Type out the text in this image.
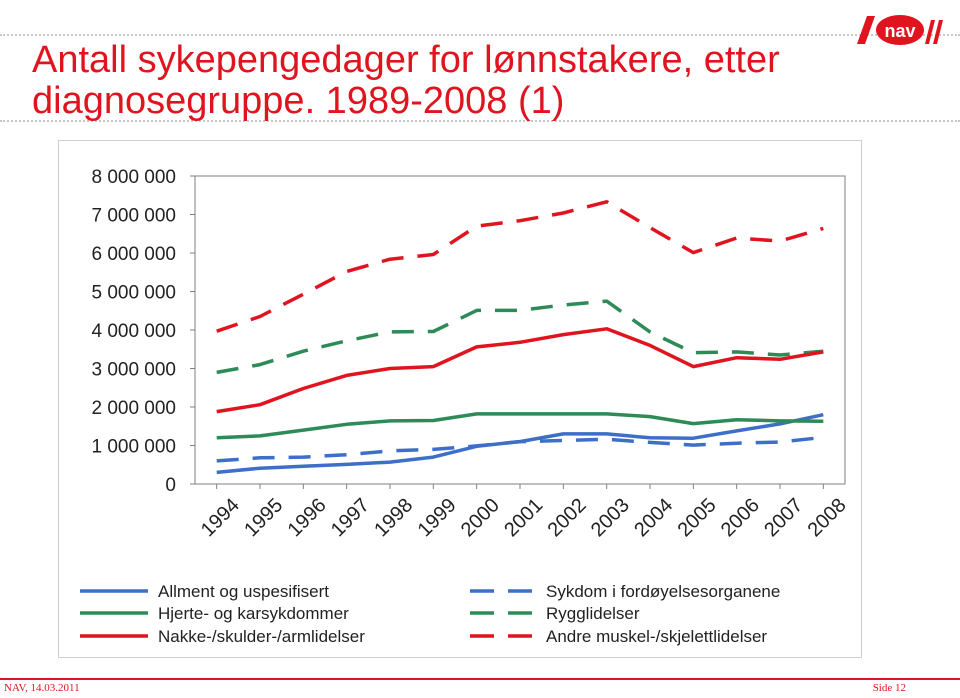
Antall sykepengedager for lønnstakere, etter diagnosegruppe. 1989-2008 (1)
nav
0
1 000 000
2 000 000
3 000 000
4 000 000
5 000 000
6 000 000
7 000 000
8 000 000
1994
1995
1996
1997
1998
1999
2000
2001
2002
2003
2004
2005
2006
2007
2008
Allment og uspesifisert	Sykdom i fordøyelsesorganene
Hjerte- og karsykdommer	Rygglidelser
Nakke-/skulder-/armlidelser	Andre muskel-/skjelettlidelser
NAV, 14.03.2011	Side 12
